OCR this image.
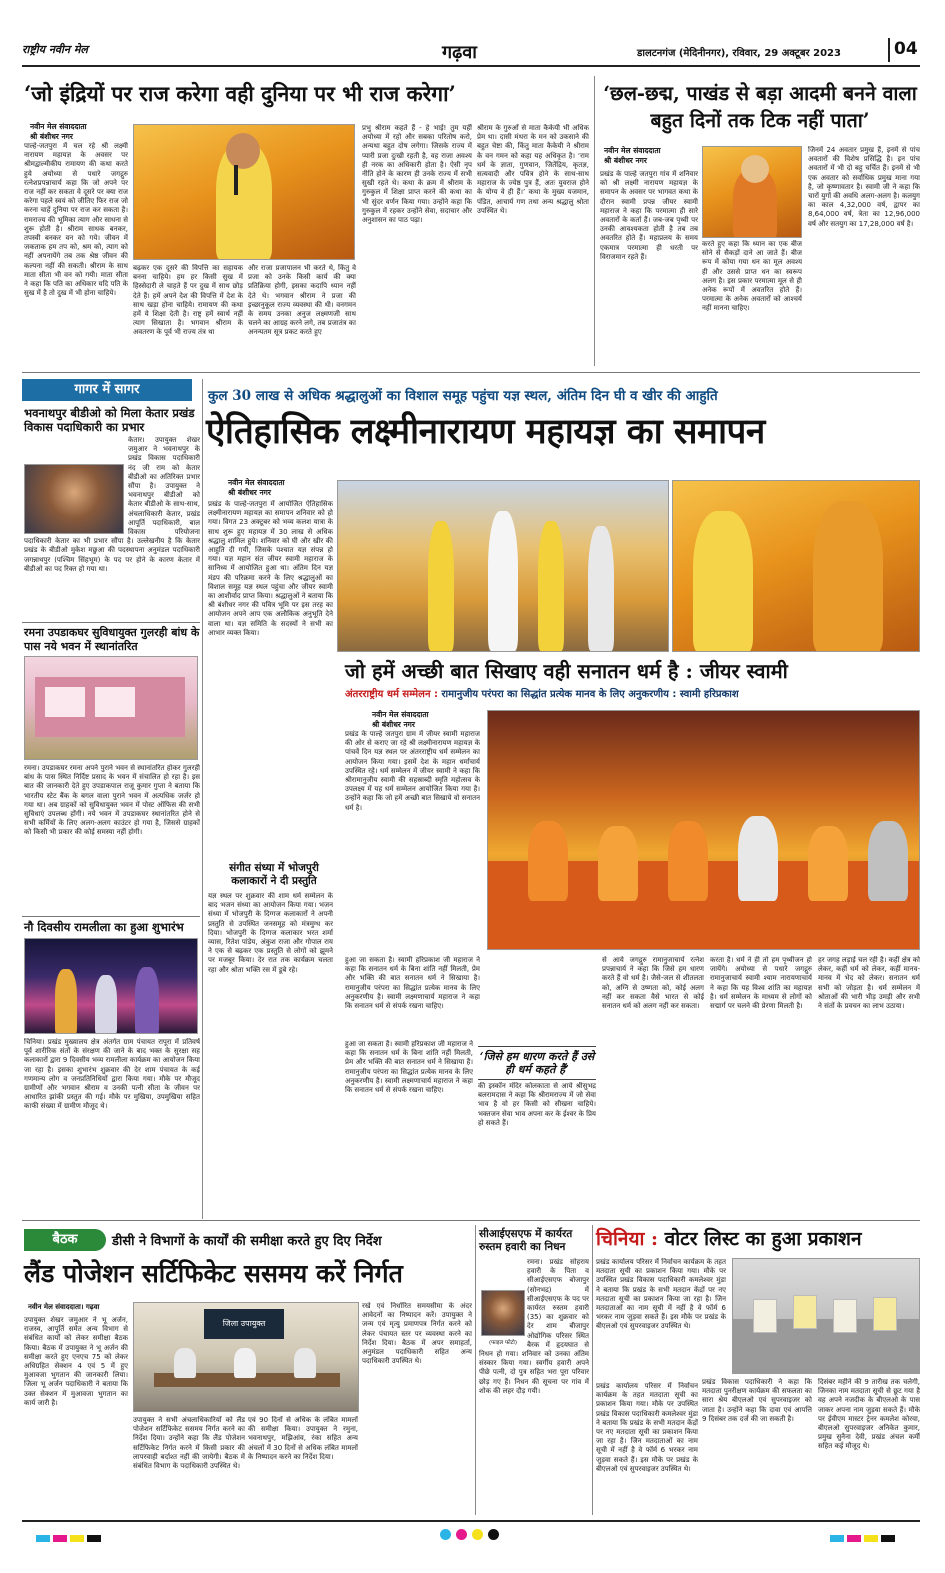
राष्ट्रीय नवीन मेल	गढ़वा	डालटनगंज (मेदिनीनगर), रविवार, 29 अक्टूबर 2023	04
‘जो इंद्रियों पर राज करेगा वही दुनिया पर भी राज करेगा’
नवीन मेल संवाददाता
श्री बंशीधर नगर
पाल्हे-जतपुरा में चल रहे श्री लक्ष्मी नारायण महायज्ञ के अवसर पर श्रीमद्वाल्मीकीय रामायण की कथा करते हुये अयोध्या से पधारे जगद्गुरु रत्नेशप्रपन्नाचार्य कहा कि जो अपने पर राज नहीं कर सकता वे दूसरे पर क्या राज करेगा पहले स्वयं को जीतिए फिर राज जो करना चाहें दुनिया पर राज कर सकता है। रामराज्य की भूमिका त्याग और साधना से शुरू होती है। श्रीराम साधक बनकर, तपस्वी बनकर वन को गये। जीवन में जकताक हम तप को, श्रम को, त्याग को नहीं अपनायेंगे तब तक श्रेष्ठ जीवन की कल्पना नहीं की सकती। श्रीराम के साथ माता सीता भी वन को गयी। माता सीता ने कहा कि पति का अधिकार यदि पति के सुख में है तो दुख में भी होना चाहिये।
बढ़कर एक दूसरे की विपत्ति का सहायक बनना चाहिये। हम हर किसी सुख में हिस्सेदारी ले चाहते हैं पर दुख में साथ छोड़ देते हैं। हमें अपने देश की विपत्ति में देश के साथ खड़ा होना चाहिये। रामायण की कथा हमें ये शिक्षा देती है। राष्ट्र हमें स्वार्थ नहीं त्याग सिखाता है। भगवान श्रीराम के अवतरण के पूर्व भी राज्य तंत्र था
और राजा प्रजापालन भी करते थे, किंतु वे प्रजा को उनके किसी कार्य की क्या प्रतिक्रिया होगी, इसका कदापि ध्यान नहीं देते थे। भगवान श्रीराम ने प्रजा की इच्छानुकूल राज्य व्यवस्था की थी। वनगमन के समय उनका अनुज लक्ष्मणजी साथ चलने का आग्रह करने लगे, तब प्रजातंत्र का अनन्यतम सूत्र प्रकट करते हुए
प्रभु श्रीराम कहते हैं - हे भाई! तुम यहीं अयोध्या में रहो और सबका परितोष करो, अन्यथा बहुत दोष लगेगा। जिसके राज्य में प्यारी प्रजा दुःखी रहती है, वह राजा अवश्य ही नरक का अधिकारी होता है। ऐसी नृप नीति होने के कारण ही उनके राज्य में सभी सुखी रहते थे। कथा के क्रम में श्रीराम के गुरुकुल में शिक्षा प्राप्त करने की कथा का भी सुंदर वर्णन किया गया। उन्होंने कहा कि गुरुकुल में रहकर उन्होंने सेवा, सदाचार और अनुशासन का पाठ पढ़ा।
श्रीराम के गुरुओं से माता कैकेयी भी अधिक प्रेम था। दासी मंथरा के मन को उकसाने की बहुत चेष्टा की, किंतु माता कैकेयी ने श्रीराम के वन गमन को कहा यह अधिकृत है। ‘राम धर्म के ज्ञाता, गुणवान, जितेंद्रिय, कृतज्ञ, सत्यवादी और पवित्र होने के साथ-साथ महाराज के ज्येष्ठ पुत्र हैं, अतः युवराज होने के योग्य वे ही हैं।’ कथा के मुख्य यजमान, पंडित, आचार्य गण तथा अन्य श्रद्धालु श्रोता उपस्थित थे।
‘छल-छद्म, पाखंड से बड़ा आदमी बनने वाला बहुत दिनों तक टिक नहीं पाता’
नवीन मेल संवाददाता
श्री बंशीधर नगर
प्रखंड के पाल्हे जतपुरा गांव में शनिवार को श्री लक्ष्मी नारायण महायज्ञ के समापन के अवसर पर भागवत कथा के दौरान स्वामी प्रपन्न जीयर स्वामी महाराज ने कहा कि परमात्मा ही सारे अवतारों के कर्ता हैं। जब-जब पृथ्वी पर उनकी आवश्यकता होती है तब तब अवतरित होते हैं। महाप्रलय के समय एकमात्र परमात्मा ही धरती पर विराजमान रहते हैं।
करते हुए कहा कि ध्यान का एक बीज सोने से सैकड़ों दाने आ जाते हैं। बीज रूप में कोया गया धन का मूल अवश्य ही और उससे प्राप्त धन का स्वरूप अलग है। इस प्रकार परमात्मा मूल से ही अनेक रूपों में अवतरित होते हैं। परमात्मा के अनेक अवतारों को आश्चर्य नहीं मानना चाहिए।
जिनमें 24 अवतार प्रमुख हैं, इनमें से पांच अवतारों की विशेष प्रसिद्धि है। इन पांच अवतारों में भी दो बहु चर्चित हैं। इनमें से भी एक अवतार को सर्वाधिक प्रमुख माना गया है, जो कृष्णावतार है। स्वामी जी ने कहा कि चारों युगों की अवधि अलग-अलग है। कलयुग का काल 4,32,000 वर्ष, द्वापर का 8,64,000 वर्ष, त्रेता का 12,96,000 वर्ष और सतयुग का 17,28,000 वर्ष है।
गागर में सागर
भवनाथपुर बीडीओ को मिला केतार प्रखंड विकास पदाधिकारी का प्रभार
केतार। उपायुक्त शेखर जमुआर ने भवनाथपुर के प्रखंड विकास पदाधिकारी नंद जी राम को केतार बीडीओ का अतिरिक्त प्रभार सौंपा है। उपायुक्त ने भवनाथपुर बीडीओ को केतार बीडीओ के साथ-साथ, अंचलाधिकारी केतार, प्रखंड आपूर्ति पदाधिकारी, बाल विकास परियोजना पदाधिकारी केतार का भी प्रभार सौंपा है। उल्लेखनीय है कि केतार प्रखंड के बीडीओ मुकेश मछुआ की पदस्थापना अनुमंडल पदाधिकारी जगन्नाथपुर (पश्चिम सिंहभूम) के पद पर होने के कारण केतार में बीडीओ का पद रिक्त हो गया था।
रमना उपडाकघर सुविधायुक्त गुलरही बांध के पास नये भवन में स्थानांतरित
रमना। उपडाकघर रमना अपने पुराने भवन से स्थानांतरित होकर गुलरही बांध के पास स्थित निर्दिष्ट प्रसाद के भवन में संचालित हो रहा है। इस बात की जानकारी देते हुए उपडाकपाल राजू कुमार गुप्ता ने बताया कि भारतीय स्टेट बैंक के बगल वाला पुराने भवन में अत्यधिक जर्जर हो गया था। अब ग्राहकों को सुविधायुक्त भवन में पोस्ट ऑफिस की सभी सुविधाएं उपलब्ध होंगी। नये भवन में उपडाकघर स्थानांतरित होने से सभी कर्मियों के लिए अलग-अलग काउंटर हो गया है, जिससे ग्राहकों को किसी भी प्रकार की कोई समस्या नहीं होगी।
नौ दिवसीय रामलीला का हुआ शुभारंभ
चिनिया। प्रखंड मुख्यालय क्षेत्र अंतर्गत ग्राम पंचायत रापूरा में प्रतिवर्ष पूर्व शारीरिक संतों के संरक्षण की जाने के बाद भक्त के सुरक्षा सह कलाकारों द्वारा 9 दिवसीय भव्य रामलीला कार्यक्रम का आयोजन किया जा रहा है। इसका शुभारंभ शुक्रवार की देर शाम पंचायत के कई गणमान्य लोग व जनप्रतिनिधियों द्वारा किया गया। मौके पर मौजूद ग्रामीणों और भगवान श्रीराम व उनकी पत्नी सीता के जीवन पर आधारित झांकी प्रस्तुत की गई। मौके पर मुखिया, उपमुखिया सहित काफी संख्या में ग्रामीण मौजूद थे।
कुल 30 लाख से अधिक श्रद्धालुओं का विशाल समूह पहुंचा यज्ञ स्थल, अंतिम दिन घी व खीर की आहुति
ऐतिहासिक लक्ष्मीनारायण महायज्ञ का समापन
नवीन मेल संवाददाता
श्री बंशीधर नगर
प्रखंड के पाल्हे-जतपुरा में आयोजित ऐतिहासिक लक्ष्मीनारायण महायज्ञ का समापन शनिवार को हो गया। विगत 23 अक्टूबर को भव्य कलश यात्रा के साथ शुरू हुए महायज्ञ में 30 लाख से अधिक श्रद्धालु शामिल हुये। शनिवार को घी और खीर की आहुति दी गयी, जिसके पश्चात यज्ञ संपन्न हो गया। यज्ञ महान संत जीयर स्वामी महाराज के सानिध्य में आयोजित हुआ था। अंतिम दिन यज्ञ मंडप की परिक्रमा करने के लिए श्रद्धालुओं का विशाल समूह यज्ञ स्थल पहुंचा और जीयर स्वामी का आशीर्वाद प्राप्त किया। श्रद्धालुओं ने बताया कि श्री बंशीधर नगर की पवित्र भूमि पर इस तरह का आयोजन अपने आप एक अलौकिक अनुभूति देने वाला था। यज्ञ समिति के सदस्यों ने सभी का आभार व्यक्त किया।
संगीत संध्या में भोजपुरी कलाकारों ने दी प्रस्तुति
यज्ञ स्थल पर शुक्रवार की शाम धर्म सम्मेलन के बाद भजन संध्या का आयोजन किया गया। भजन संध्या में भोजपुरी के दिग्गज कलाकारों ने अपनी प्रस्तुति से उपस्थित जनसमूह को मंत्रमुग्ध कर दिया। भोजपुरी के दिग्गज कलाकार भरत शर्मा व्यास, रितेश पांडेय, अंकुश राजा और गोपाल राय ने एक से बढ़कर एक प्रस्तुति से लोगों को झूमने पर मजबूर किया। देर रात तक कार्यक्रम चलता रहा और श्रोता भक्ति रस में डूबे रहे।
जो हमें अच्छी बात सिखाए वही सनातन धर्म है : जीयर स्वामी
अंतरराष्ट्रीय धर्म सम्मेलन : रामानुजीय परंपरा का सिद्धांत प्रत्येक मानव के लिए अनुकरणीय : स्वामी हरिप्रकाश
नवीन मेल संवाददाता
श्री बंशीधर नगर
प्रखंड के पाल्हे जतपुरा ग्राम में जीयर स्वामी महाराज की ओर से कराए जा रहे श्री लक्ष्मीनारायण महायज्ञ के पांचवें दिन यज्ञ स्थल पर अंतरराष्ट्रीय धर्म सम्मेलन का आयोजन किया गया। इसमें देश के महान धर्माचार्य उपस्थित रहे। धर्म सम्मेलन में जीयर स्वामी ने कहा कि श्रीरामानुजीय स्वामी की सहस्राब्दी स्मृति महोत्सव के उपलक्ष्य में यह धर्म सम्मेलन आयोजित किया गया है। उन्होंने कहा कि जो हमें अच्छी बात सिखाये वो सनातन धर्म है।
हुआ जा सकता है। स्वामी हरिप्रकाश जी महाराज ने कहा कि सनातन धर्म के बिना शांति नहीं मिलती, प्रेम और भक्ति की बात सनातन धर्म ने सिखाया है। रामानुजीय परंपरा का सिद्धांत प्रत्येक मानव के लिए अनुकरणीय है। स्वामी लक्ष्मणाचार्य महाराज ने कहा कि सनातन धर्म से संपर्क रखना चाहिए।
‘जिसे हम धारण करते हैं उसे ही धर्म कहते हैं’
की इस्कॉन मंदिर कोलकाता से आये श्रीसुभद्र बलरामदास ने कहा कि श्रीरामराज्य में जो सेवा भाव है वो हर किसी को सीखना चाहिये। भक्तजन सेवा भाव अपना कर के ईश्वर के प्रिय हो सकते हैं।
हुआ जा सकता है। स्वामी हरिप्रकाश जी महाराज ने कहा कि सनातन धर्म के बिना शांति नहीं मिलती, प्रेम और भक्ति की बात सनातन धर्म ने सिखाया है। रामानुजीय परंपरा का सिद्धांत प्रत्येक मानव के लिए अनुकरणीय है। स्वामी लक्ष्मणाचार्य महाराज ने कहा कि सनातन धर्म से संपर्क रखना चाहिए।
से आये जगद्गुरु रामानुजाचार्य रत्नेश प्रपन्नाचार्य ने कहा कि जिसे हम धारण करते हैं वो धर्म है। जैसे-जल से शीतलता को, अग्नि से उष्णता को, कोई अलग नहीं कर सकता वैसे भारत से कोई सनातन धर्म को अलग नहीं कर सकता।
करता है। धर्म ने ही तो हम पृथ्वीजन हो जायेंगे। अयोध्या से पधारे जगद्गुरु रामानुजाचार्य स्वामी श्याम नारायणाचार्य ने कहा कि यह विश्व शांति का महायज्ञ है। धर्म सम्मेलन के माध्यम से लोगों को सद्मार्ग पर चलने की प्रेरणा मिलती है।
हर जगह लड़ाई चल रही है। कहीं क्षेत्र को लेकर, कहीं धर्म को लेकर, कहीं मानव-मानव में भेद को लेकर। सनातन धर्म सभी को जोड़ता है। धर्म सम्मेलन में श्रोताओं की भारी भीड़ उमड़ी और सभी ने संतों के प्रवचन का लाभ उठाया।
बैठक	डीसी ने विभागों के कार्यों की समीक्षा करते हुए दिए निर्देश
लैंड पोजेशन सर्टिफिकेट ससमय करें निर्गत
नवीन मेल संवाददाता। गढ़वा
उपायुक्त शेखर जमुआर ने भू अर्जन, राजस्व, आपूर्ति समेत अन्य विभाग से संबंधित कार्यों को लेकर समीक्षा बैठक किया। बैठक में उपायुक्त ने भू अर्जन की समीक्षा करते हुए एनएच 75 को लेकर अधिग्रहित सेक्शन 4 एवं 5 में हुए मुआवजा भुगतान की जानकारी लिया। जिला भू अर्जन पदाधिकारी ने बताया कि उक्त सेक्शन में मुआवजा भुगतान का कार्य जारी है।
जिला उपायुक्त
उपायुक्त ने सभी अंचलाधिकारियों को लैंड पोजेशन सर्टिफिकेट ससमय निर्गत करने का निर्देश दिया। उन्होंने कहा कि लैंड पोजेशन सर्टिफिकेट निर्गत करने में किसी प्रकार की लापरवाही बर्दाश्त नहीं की जायेगी। बैठक में संबंधित विभाग के पदाधिकारी उपस्थित थे।
एवं 90 दिनों से अधिक के लंबित मामलों की समीक्षा किया। उपायुक्त ने रमुना, भवनाथपुर, मझिआंव, रंका सहित अन्य अंचलों में 30 दिनों से अधिक लंबित मामलों के निष्पादन करने का निर्देश दिया।
रखे एवं निर्धारित समयसीमा के अंदर आवेदनों का निष्पादन करें। उपायुक्त ने जन्म एवं मृत्यु प्रमाणपत्र निर्गत करने को लेकर पंचायत स्तर पर व्यवस्था करने का निर्देश दिया। बैठक में अपर समाहर्ता, अनुमंडल पदाधिकारी सहित अन्य पदाधिकारी उपस्थित थे।
सीआईएसएफ में कार्यरत रुस्तम हवारी का निधन
(फाइल फोटो)
रमना। प्रखंड सोहराय हवारी के पिता व सीआईएसएफ बोजापुर (सोनभद्र) में सीआईएसएफ के पद पर कार्यरत रुस्तम हवारी (35) का शुक्रवार को देर शाम बीजापुर ओद्योगिक परिसर स्थित बैरक में हृदयघात से निधन हो गया। शनिवार को उनका अंतिम संस्कार किया गया। स्वर्गीय हवारी अपने पीछे पत्नी, दो पुत्र सहित भरा पूरा परिवार छोड़ गए हैं। निधन की सूचना पर गांव में शोक की लहर दौड़ गयी।
चिनिया : वोटर लिस्ट का हुआ प्रकाशन
प्रखंड कार्यालय परिसर में निर्वाचन कार्यक्रम के तहत मतदाता सूची का प्रकाशन किया गया। मौके पर उपस्थित प्रखंड विकास पदाधिकारी कमलेश्वर मुंडा ने बताया कि प्रखंड के सभी मतदान केंद्रों पर नए मतदाता सूची का प्रकाशन किया जा रहा है। जिन मतदाताओं का नाम सूची में नहीं है वे फॉर्म 6 भरकर नाम जुड़वा सकते हैं। इस मौके पर प्रखंड के बीएलओ एवं सुपरवाइजर उपस्थित थे।
प्रखंड विकास पदाधिकारी ने कहा कि मतदाता पुनरीक्षण कार्यक्रम की सफलता का सारा श्रेय बीएलओ एवं सुपरवाइजर को जाता है। उन्होंने कहा कि दावा एवं आपत्ति 9 दिसंबर तक दर्ज की जा सकती है।
दिसंबर महीने की 9 तारीख तक चलेगी, जिनका नाम मतदाता सूची से छूट गया है वह अपने नजदीक के बीएलओ के पास जाकर अपना नाम जुड़वा सकते हैं। मौके पर ईवीएम मास्टर ट्रेनर कमलेश कोरवा, बीएलओ सुपरवाइजर अनिकेत कुमार, प्रमुख सुनैना देवी, प्रखंड अंचल कर्मी सहित कई मौजूद थे।
प्रखंड कार्यालय परिसर में निर्वाचन कार्यक्रम के तहत मतदाता सूची का प्रकाशन किया गया। मौके पर उपस्थित प्रखंड विकास पदाधिकारी कमलेश्वर मुंडा ने बताया कि प्रखंड के सभी मतदान केंद्रों पर नए मतदाता सूची का प्रकाशन किया जा रहा है। जिन मतदाताओं का नाम सूची में नहीं है वे फॉर्म 6 भरकर नाम जुड़वा सकते हैं। इस मौके पर प्रखंड के बीएलओ एवं सुपरवाइजर उपस्थित थे।
